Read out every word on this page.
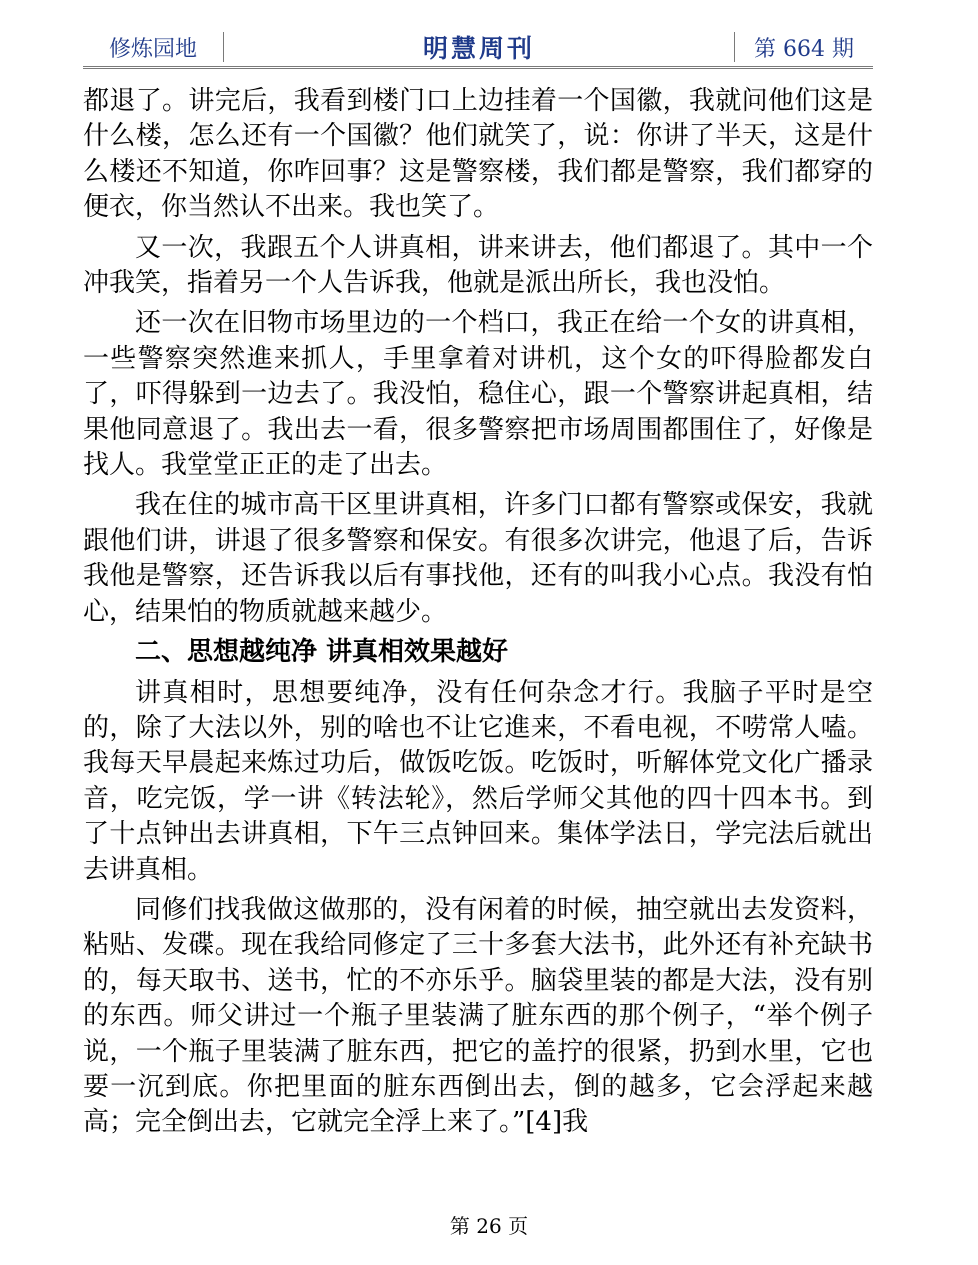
修炼园地	明慧周刊	第 664 期

都退了。讲完后，我看到楼门口上边挂着一个国徽，我就问他们这是什么楼，怎么还有一个国徽？他们就笑了，说：你讲了半天，这是什么楼还不知道，你咋回事？这是警察楼，我们都是警察，我们都穿的便衣，你当然认不出来。我也笑了。

又一次，我跟五个人讲真相，讲来讲去，他们都退了。其中一个冲我笑，指着另一个人告诉我，他就是派出所长，我也没怕。

还一次在旧物市场里边的一个档口，我正在给一个女的讲真相，一些警察突然進来抓人，手里拿着对讲机，这个女的吓得脸都发白了，吓得躲到一边去了。我没怕，稳住心，跟一个警察讲起真相，结果他同意退了。我出去一看，很多警察把市场周围都围住了，好像是找人。我堂堂正正的走了出去。

我在住的城市高干区里讲真相，许多门口都有警察或保安，我就跟他们讲，讲退了很多警察和保安。有很多次讲完，他退了后，告诉我他是警察，还告诉我以后有事找他，还有的叫我小心点。我没有怕心，结果怕的物质就越来越少。

二、思想越纯净 讲真相效果越好

讲真相时，思想要纯净，没有任何杂念才行。我脑子平时是空的，除了大法以外，别的啥也不让它進来，不看电视，不唠常人嗑。我每天早晨起来炼过功后，做饭吃饭。吃饭时，听解体党文化广播录音，吃完饭，学一讲《转法轮》，然后学师父其他的四十四本书。到了十点钟出去讲真相，下午三点钟回来。集体学法日，学完法后就出去讲真相。

同修们找我做这做那的，没有闲着的时候，抽空就出去发资料，粘贴、发碟。现在我给同修定了三十多套大法书，此外还有补充缺书的，每天取书、送书，忙的不亦乐乎。脑袋里装的都是大法，没有别的东西。师父讲过一个瓶子里装满了脏东西的那个例子，“举个例子说，一个瓶子里装满了脏东西，把它的盖拧的很紧，扔到水里，它也要一沉到底。你把里面的脏东西倒出去，倒的越多，它会浮起来越高；完全倒出去，它就完全浮上来了。”[4]我

第 26 页
